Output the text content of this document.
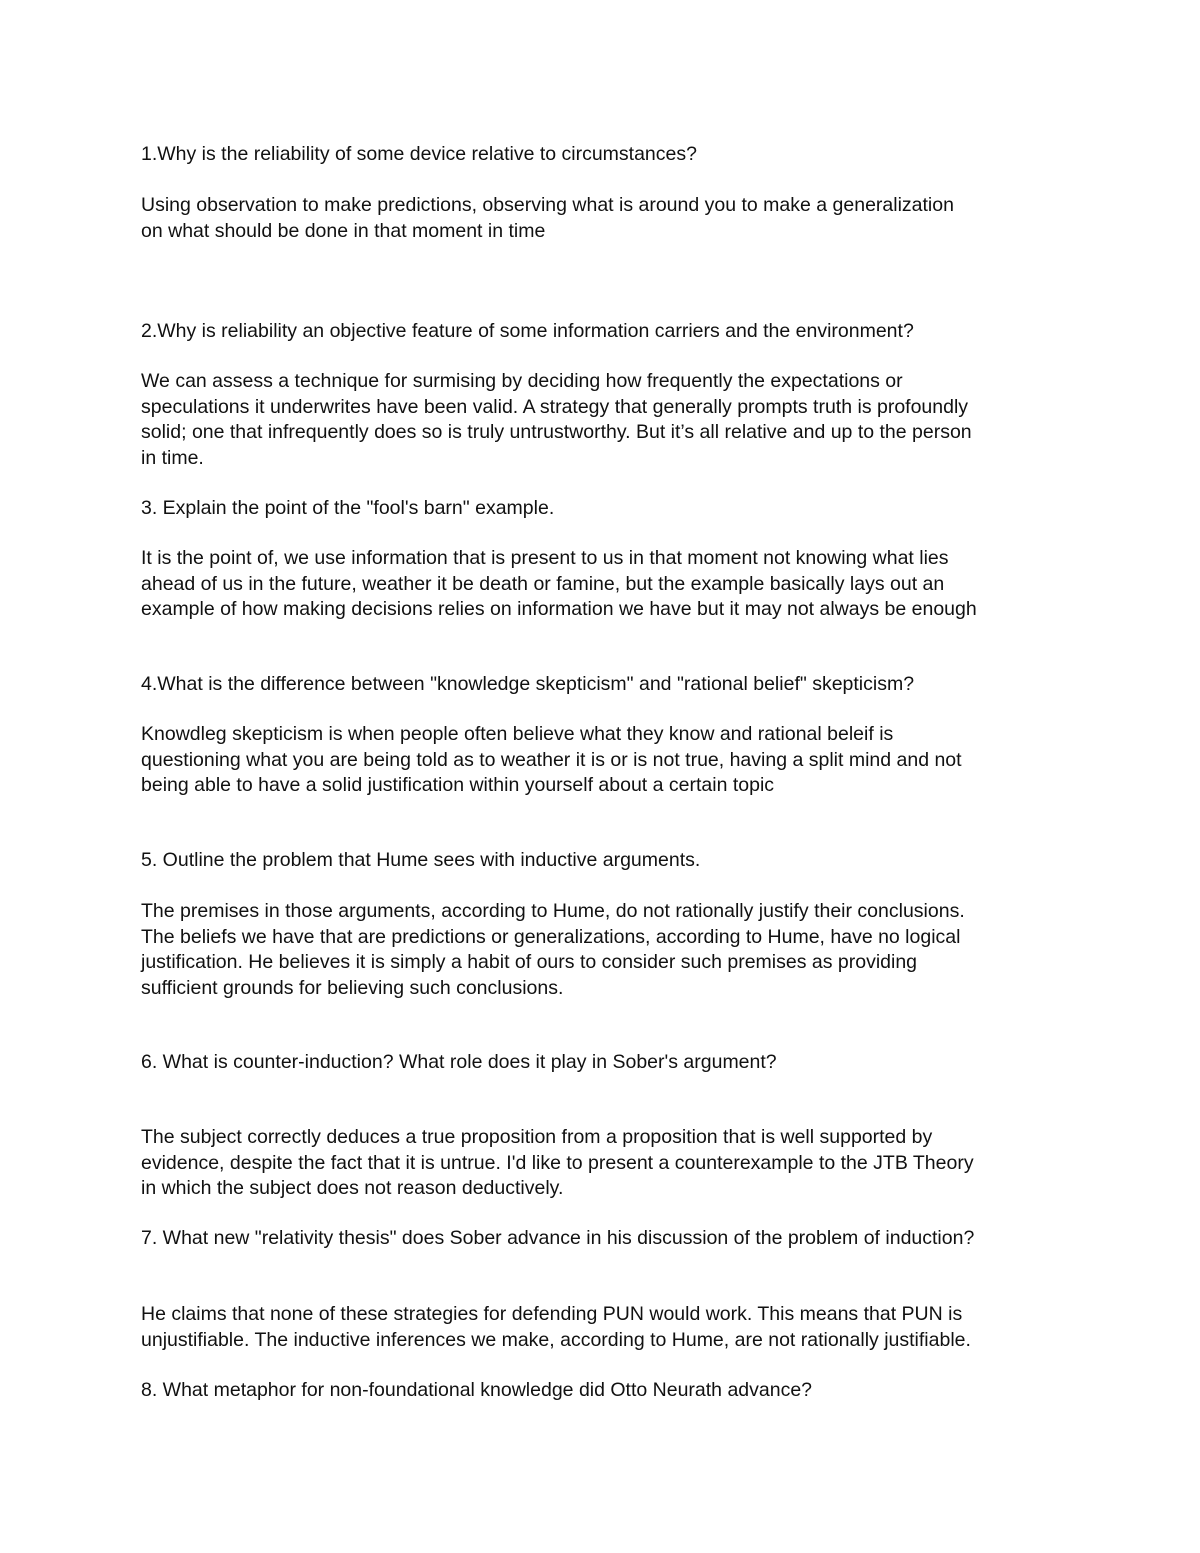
1.Why is the reliability of some device relative to circumstances?

Using observation to make predictions, observing what is around you to make a generalization
on what should be done in that moment in time

2.Why is reliability an objective feature of some information carriers and the environment?

We can assess a technique for surmising by deciding how frequently the expectations or
speculations it underwrites have been valid. A strategy that generally prompts truth is profoundly
solid; one that infrequently does so is truly untrustworthy. But it’s all relative and up to the person
in time.

3. Explain the point of the "fool's barn" example.

It is the point of, we use information that is present to us in that moment not knowing what lies
ahead of us in the future, weather it be death or famine, but the example basically lays out an
example of how making decisions relies on information we have but it may not always be enough

4.What is the difference between "knowledge skepticism" and "rational belief" skepticism?

Knowdleg skepticism is when people often believe what they know and rational beleif is
questioning what you are being told as to weather it is or is not true, having a split mind and not
being able to have a solid justification within yourself about a certain topic

5. Outline the problem that Hume sees with inductive arguments.

The premises in those arguments, according to Hume, do not rationally justify their conclusions.
The beliefs we have that are predictions or generalizations, according to Hume, have no logical
justification. He believes it is simply a habit of ours to consider such premises as providing
sufficient grounds for believing such conclusions.

6. What is counter-induction? What role does it play in Sober's argument?

The subject correctly deduces a true proposition from a proposition that is well supported by
evidence, despite the fact that it is untrue. I'd like to present a counterexample to the JTB Theory
in which the subject does not reason deductively.

7. What new "relativity thesis" does Sober advance in his discussion of the problem of induction?

He claims that none of these strategies for defending PUN would work. This means that PUN is
unjustifiable. The inductive inferences we make, according to Hume, are not rationally justifiable.

8. What metaphor for non-foundational knowledge did Otto Neurath advance?
